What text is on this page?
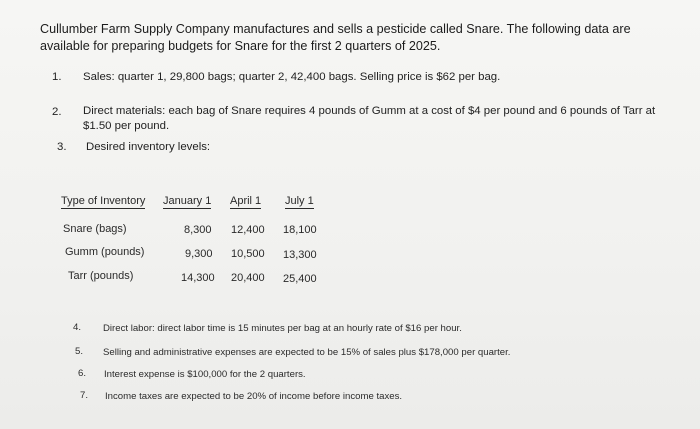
Cullumber Farm Supply Company manufactures and sells a pesticide called Snare. The following data are available for preparing budgets for Snare for the first 2 quarters of 2025.
1. Sales: quarter 1, 29,800 bags; quarter 2, 42,400 bags. Selling price is $62 per bag.
2. Direct materials: each bag of Snare requires 4 pounds of Gumm at a cost of $4 per pound and 6 pounds of Tarr at $1.50 per pound.
3. Desired inventory levels:
Type of Inventory January 1 April 1 July 1
Snare (bags)	8,300 12,400 18,100
Gumm (pounds)	9,300 10,500 13,300
Tarr (pounds)	14,300 20,400 25,400
4. Direct labor: direct labor time is 15 minutes per bag at an hourly rate of $16 per hour.
5. Selling and administrative expenses are expected to be 15% of sales plus $178,000 per quarter.
6. Interest expense is $100,000 for the 2 quarters.
7. Income taxes are expected to be 20% of income before income taxes.
